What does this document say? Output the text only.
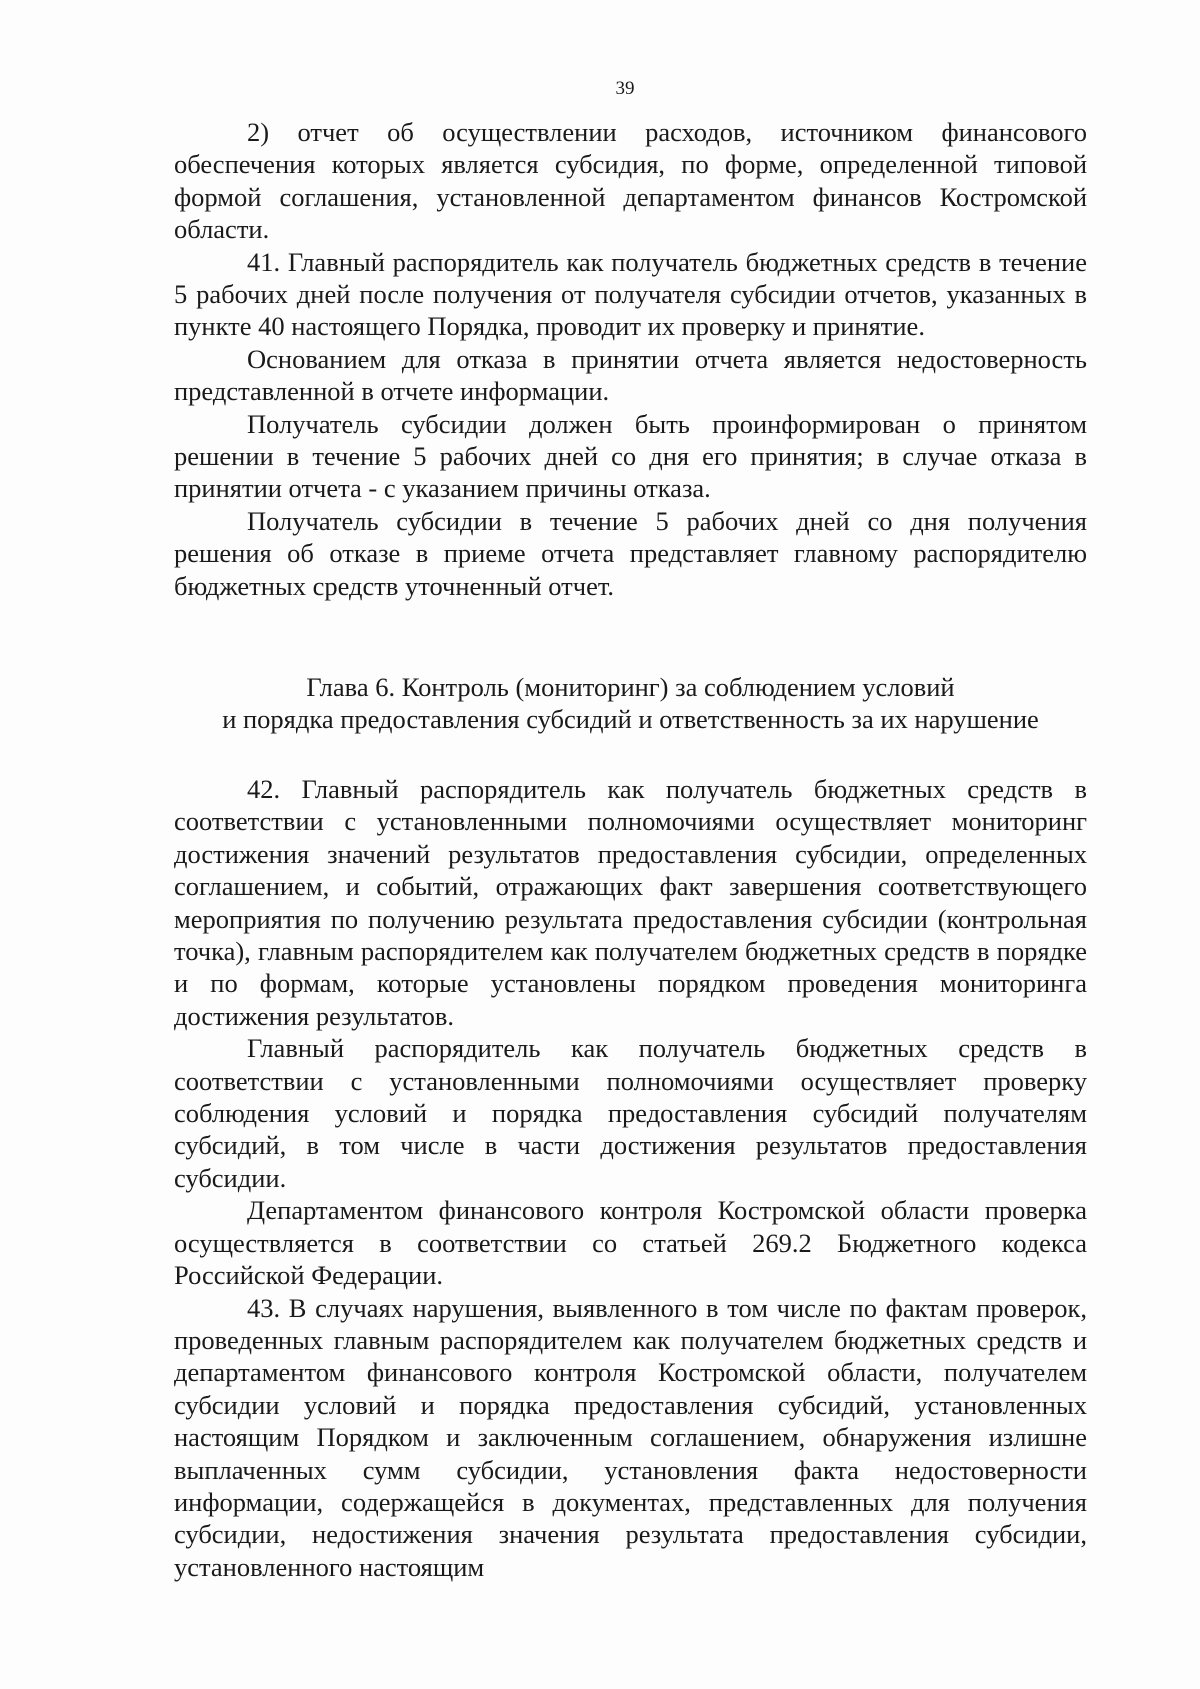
39

2) отчет об осуществлении расходов, источником финансового обеспечения которых является субсидия, по форме, определенной типовой формой соглашения, установленной департаментом финансов Костромской области.

41. Главный распорядитель как получатель бюджетных средств в течение 5 рабочих дней после получения от получателя субсидии отчетов, указанных в пункте 40 настоящего Порядка, проводит их проверку и принятие.

Основанием для отказа в принятии отчета является недостоверность представленной в отчете информации.

Получатель субсидии должен быть проинформирован о принятом решении в течение 5 рабочих дней со дня его принятия; в случае отказа в принятии отчета - с указанием причины отказа.

Получатель субсидии в течение 5 рабочих дней со дня получения решения об отказе в приеме отчета представляет главному распорядителю бюджетных средств уточненный отчет.

Глава 6. Контроль (мониторинг) за соблюдением условий
и порядка предоставления субсидий и ответственность за их нарушение

42. Главный распорядитель как получатель бюджетных средств в соответствии с установленными полномочиями осуществляет мониторинг достижения значений результатов предоставления субсидии, определенных соглашением, и событий, отражающих факт завершения соответствующего мероприятия по получению результата предоставления субсидии (контрольная точка), главным распорядителем как получателем бюджетных средств в порядке и по формам, которые установлены порядком проведения мониторинга достижения результатов.

Главный распорядитель как получатель бюджетных средств в соответствии с установленными полномочиями осуществляет проверку соблюдения условий и порядка предоставления субсидий получателям субсидий, в том числе в части достижения результатов предоставления субсидии.

Департаментом финансового контроля Костромской области проверка осуществляется в соответствии со статьей 269.2 Бюджетного кодекса Российской Федерации.

43. В случаях нарушения, выявленного в том числе по фактам проверок, проведенных главным распорядителем как получателем бюджетных средств и департаментом финансового контроля Костромской области, получателем субсидии условий и порядка предоставления субсидий, установленных настоящим Порядком и заключенным соглашением, обнаружения излишне выплаченных сумм субсидии, установления факта недостоверности информации, содержащейся в документах, представленных для получения субсидии, недостижения значения результата предоставления субсидии, установленного настоящим
